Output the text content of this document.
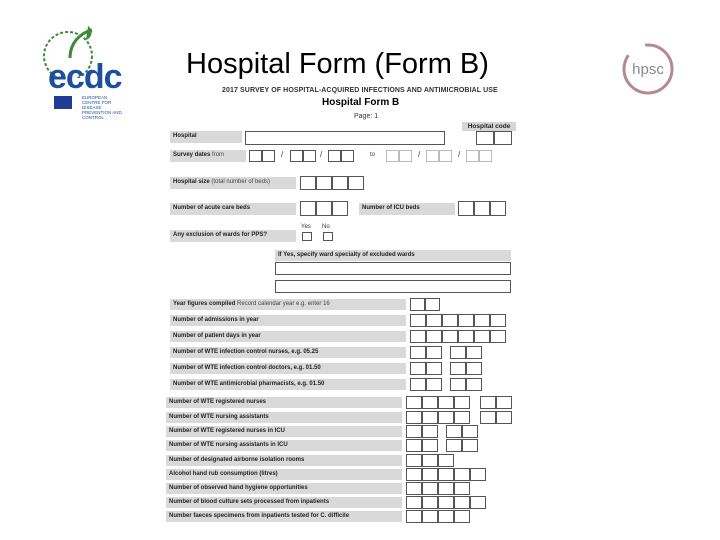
Hospital Form (Form B)
ecdc
EUROPEAN CENTRE FOR DISEASE PREVENTION AND CONTROL
hpsc
2017 SURVEY OF HOSPITAL-ACQUIRED INFECTIONS AND ANTIMICROBIAL USE
Hospital Form B
Page: 1
Hospital code
Hospital
Survey dates from	/	/	to	/	/
Hospital size (total number of beds)
Number of acute care beds	Number of ICU beds
Yes No
Any exclusion of wards for PPS?
If Yes, specify ward specialty of excluded wards
Year figures compiled Record calendar year e.g. enter 16
Number of admissions in year
Number of patient days in year
Number of WTE infection control nurses, e.g. 05.25
Number of WTE infection control doctors, e.g. 01.50
Number of WTE antimicrobial pharmacists, e.g. 01.50
Number of WTE registered nurses
Number of WTE nursing assistants
Number of WTE registered nurses in ICU
Number of WTE nursing assistants in ICU
Number of designated airborne isolation rooms
Alcohol hand rub consumption (litres)
Number of observed hand hygiene opportunities
Number of blood culture sets processed from inpatients
Number faeces specimens from inpatients tested for C. difficile
